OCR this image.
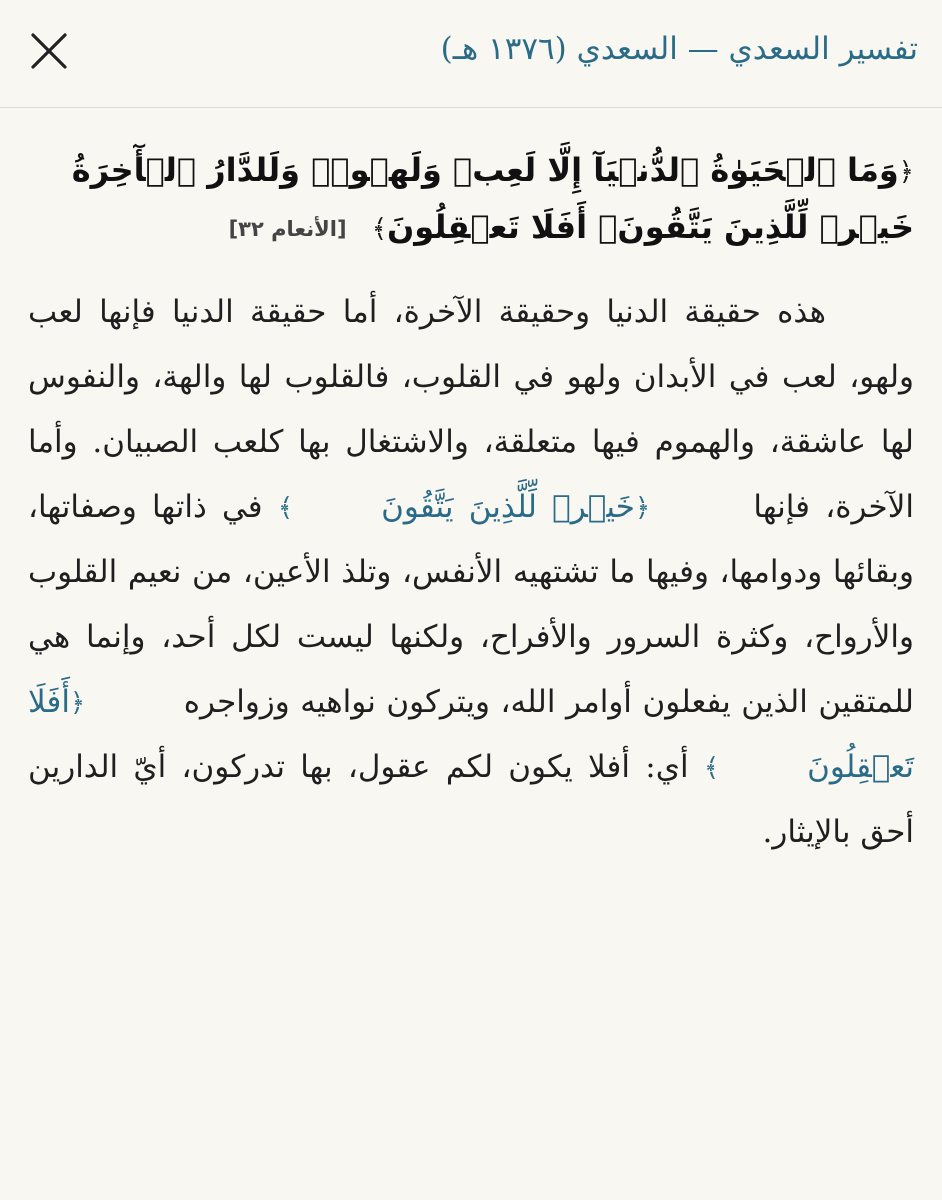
تفسير السعدي — السعدي (١٣٧٦ هـ)
﴿وَمَا ٱلۡحَيَوٰةُ ٱلدُّنۡيَآ إِلَّا لَعِبٞ وَلَهۡوٞۖ وَلَلدَّارُ ٱلۡأٓخِرَةُ خَيۡرٞ لِّلَّذِينَ يَتَّقُونَۚ أَفَلَا تَعۡقِلُونَ﴾ [الأنعام ٣٢]
هذه حقيقة الدنيا وحقيقة الآخرة، أما حقيقة الدنيا فإنها لعب ولهو، لعب في الأبدان ولهو في القلوب، فالقلوب لها والهة، والنفوس لها عاشقة، والهموم فيها متعلقة، والاشتغال بها كلعب الصبيان. وأما الآخرة، فإنها ﴿خَيۡرٞ لِّلَّذِينَ يَتَّقُونَ﴾ في ذاتها وصفاتها، وبقائها ودوامها، وفيها ما تشتهيه الأنفس، وتلذ الأعين، من نعيم القلوب والأرواح، وكثرة السرور والأفراح، ولكنها ليست لكل أحد، وإنما هي للمتقين الذين يفعلون أوامر الله، ويتركون نواهيه وزواجره ﴿أَفَلَا تَعۡقِلُونَ﴾ أي: أفلا يكون لكم عقول، بها تدركون، أيّ الدارين أحق بالإيثار.
